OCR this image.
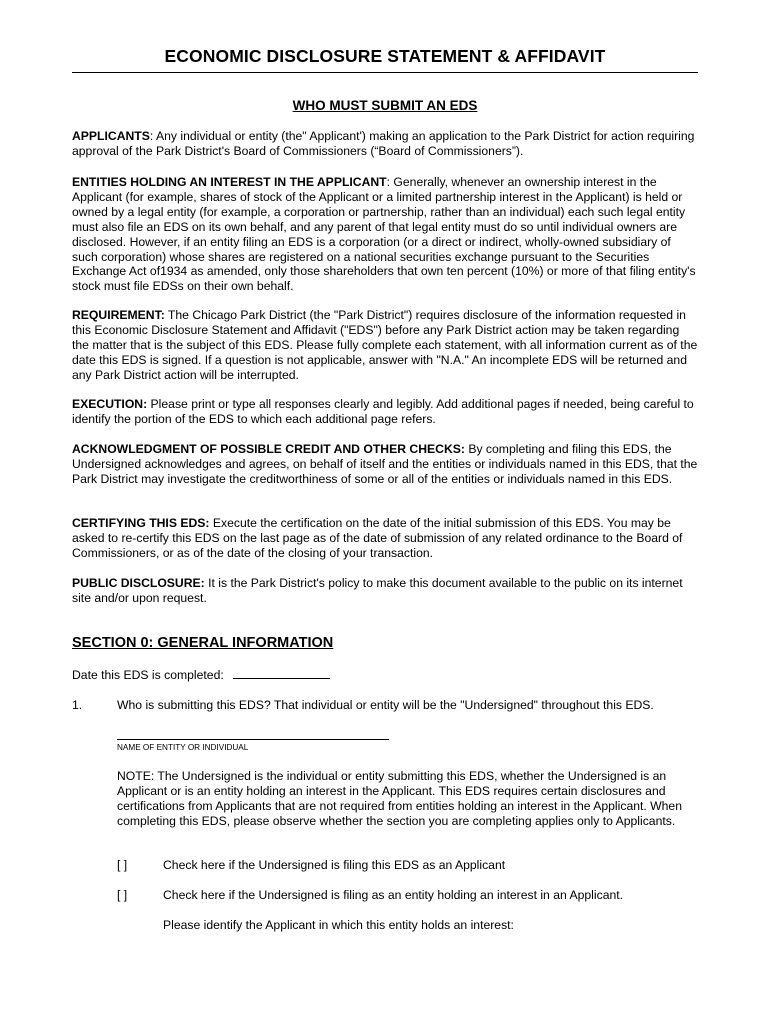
ECONOMIC DISCLOSURE STATEMENT & AFFIDAVIT
WHO MUST SUBMIT AN EDS
APPLICANTS: Any individual or entity (the" Applicant') making an application to the Park District for action requiring approval of the Park District's Board of Commissioners (“Board of Commissioners”).
ENTITIES HOLDING AN INTEREST IN THE APPLICANT: Generally, whenever an ownership interest in the Applicant (for example, shares of stock of the Applicant or a limited partnership interest in the Applicant) is held or owned by a legal entity (for example, a corporation or partnership, rather than an individual) each such legal entity must also file an EDS on its own behalf, and any parent of that legal entity must do so until individual owners are disclosed. However, if an entity filing an EDS is a corporation (or a direct or indirect, wholly-owned subsidiary of such corporation) whose shares are registered on a national securities exchange pursuant to the Securities Exchange Act of1934 as amended, only those shareholders that own ten percent (10%) or more of that filing entity's stock must file EDSs on their own behalf.
REQUIREMENT: The Chicago Park District (the "Park District") requires disclosure of the information requested in this Economic Disclosure Statement and Affidavit ("EDS") before any Park District action may be taken regarding the matter that is the subject of this EDS. Please fully complete each statement, with all information current as of the date this EDS is signed. If a question is not applicable, answer with "N.A." An incomplete EDS will be returned and any Park District action will be interrupted.
EXECUTION: Please print or type all responses clearly and legibly. Add additional pages if needed, being careful to identify the portion of the EDS to which each additional page refers.
ACKNOWLEDGMENT OF POSSIBLE CREDIT AND OTHER CHECKS: By completing and filing this EDS, the Undersigned acknowledges and agrees, on behalf of itself and the entities or individuals named in this EDS, that the Park District may investigate the creditworthiness of some or all of the entities or individuals named in this EDS.
CERTIFYING THIS EDS: Execute the certification on the date of the initial submission of this EDS. You may be asked to re-certify this EDS on the last page as of the date of submission of any related ordinance to the Board of Commissioners, or as of the date of the closing of your transaction.
PUBLIC DISCLOSURE: It is the Park District's policy to make this document available to the public on its internet site and/or upon request.
SECTION 0: GENERAL INFORMATION
Date this EDS is completed:
1.	Who is submitting this EDS? That individual or entity will be the "Undersigned" throughout this EDS.
NAME OF ENTITY OR INDIVIDUAL
NOTE: The Undersigned is the individual or entity submitting this EDS, whether the Undersigned is an Applicant or is an entity holding an interest in the Applicant. This EDS requires certain disclosures and certifications from Applicants that are not required from entities holding an interest in the Applicant. When completing this EDS, please observe whether the section you are completing applies only to Applicants.
[ ]	Check here if the Undersigned is filing this EDS as an Applicant
[ ]	Check here if the Undersigned is filing as an entity holding an interest in an Applicant.
Please identify the Applicant in which this entity holds an interest:
